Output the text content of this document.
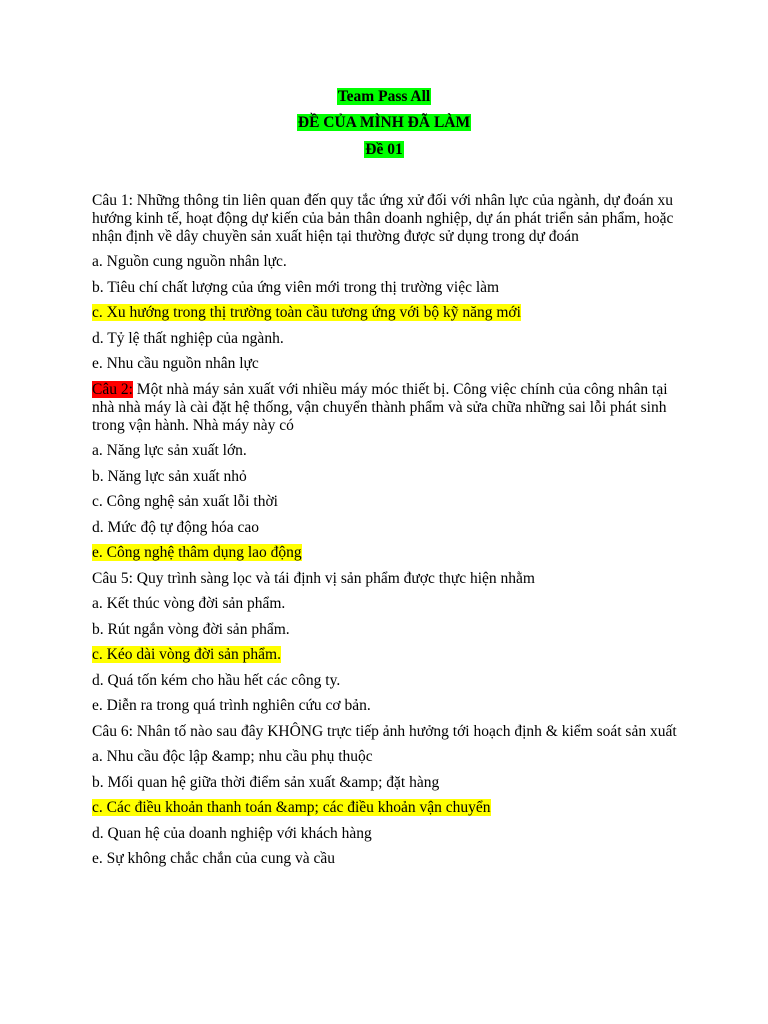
Team Pass All
ĐỀ CỦA MÌNH ĐÃ LÀM
Đề 01
Câu 1: Những thông tin liên quan đến quy tắc ứng xử đối với nhân lực của ngành, dự đoán xu hướng kinh tế, hoạt động dự kiến của bản thân doanh nghiệp, dự án phát triển sản phẩm, hoặc nhận định về dây chuyền sản xuất hiện tại thường được sử dụng trong dự đoán
a. Nguồn cung nguồn nhân lực.
b. Tiêu chí chất lượng của ứng viên mới trong thị trường việc làm
c. Xu hướng trong thị trường toàn cầu tương ứng với bộ kỹ năng mới
d. Tỷ lệ thất nghiệp của ngành.
e. Nhu cầu nguồn nhân lực
Câu 2: Một nhà máy sản xuất với nhiều máy móc thiết bị. Công việc chính của công nhân tại nhà nhà máy là cài đặt hệ thống, vận chuyển thành phẩm và sửa chữa những sai lỗi phát sinh trong vận hành. Nhà máy này có
a. Năng lực sản xuất lớn.
b. Năng lực sản xuất nhỏ
c. Công nghệ sản xuất lỗi thời
d. Mức độ tự động hóa cao
e. Công nghệ thâm dụng lao động
Câu 5: Quy trình sàng lọc và tái định vị sản phẩm được thực hiện nhằm
a. Kết thúc vòng đời sản phẩm.
b. Rút ngắn vòng đời sản phẩm.
c. Kéo dài vòng đời sản phẩm.
d. Quá tốn kém cho hầu hết các công ty.
e. Diễn ra trong quá trình nghiên cứu cơ bản.
Câu 6: Nhân tố nào sau đây KHÔNG trực tiếp ảnh hưởng tới hoạch định & kiểm soát sản xuất
a. Nhu cầu độc lập &amp; nhu cầu phụ thuộc
b. Mối quan hệ giữa thời điểm sản xuất &amp; đặt hàng
c. Các điều khoản thanh toán &amp; các điều khoản vận chuyển
d. Quan hệ của doanh nghiệp với khách hàng
e. Sự không chắc chắn của cung và cầu
